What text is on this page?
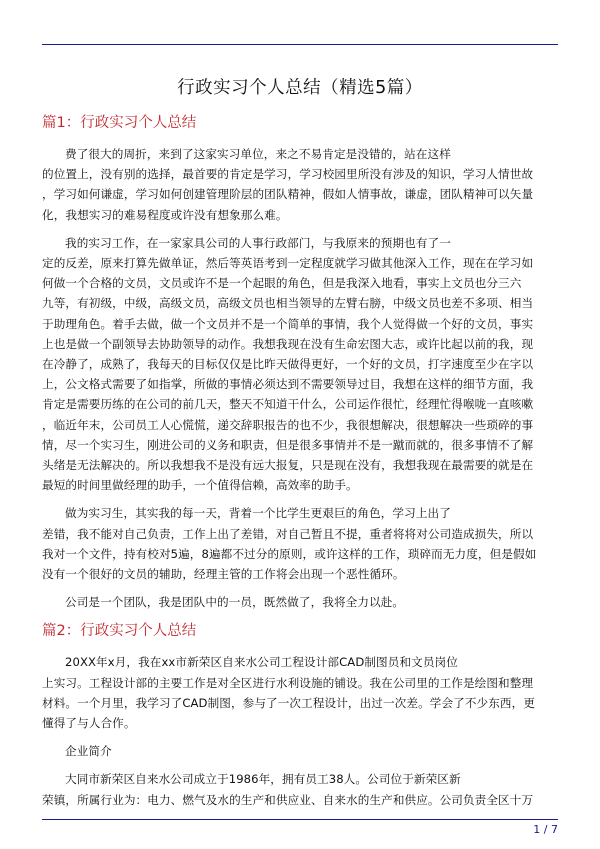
行政实习个人总结（精选5篇）
篇1：行政实习个人总结
费了很大的周折，来到了这家实习单位，来之不易肯定是没错的，站在这样
的位置上，没有别的选择，最首要的肯定是学习，学习校园里所没有涉及的知识，学习人情世故
，学习如何谦虚，学习如何创建管理阶层的团队精神，假如人情事故，谦虚，团队精神可以矢量
化，我想实习的难易程度或许没有想象那么难。
我的实习工作，在一家家具公司的人事行政部门，与我原来的预期也有了一
定的反差，原来打算先做单证，然后等英语考到一定程度就学习做其他深入工作，现在在学习如
何做一个合格的文员，文员或许不是一个起眼的角色，但是我深入地看，事实上文员也分三六
九等，有初级，中级，高级文员，高级文员也相当领导的左臂右膀，中级文员也差不多项、相当
于助理角色。着手去做，做一个文员并不是一个简单的事情，我个人觉得做一个好的文员，事实
上也是做一个副领导去协助领导的动作。我想我现在没有生命宏图大志，或许比起以前的我，现
在冷静了，成熟了，我每天的目标仅仅是比昨天做得更好，一个好的文员，打字速度至少在字以
上，公文格式需要了如指掌，所做的事情必须达到不需要领导过目，我想在这样的细节方面，我
肯定是需要历练的在公司的前几天，整天不知道干什么，公司运作很忙，经理忙得喉咙一直咳嗽
，临近年末，公司员工人心慌慌，递交辞职报告的也不少，我很想解决，很想解决一些琐碎的事
情，尽一个实习生，刚进公司的义务和职责，但是很多事情并不是一蹴而就的，很多事情不了解
头绪是无法解决的。所以我想我不是没有远大报复，只是现在没有，我想我现在最需要的就是在
最短的时间里做经理的助手，一个值得信赖，高效率的助手。
做为实习生，其实我的每一天，背着一个比学生更艰巨的角色，学习上出了
差错，我不能对自己负责，工作上出了差错，对自己暂且不提，重者将将对公司造成损失，所以
我对一个文件，持有校对5遍，8遍都不过分的原则，或许这样的工作，琐碎而无力度，但是假如
没有一个很好的文员的辅助，经理主管的工作将会出现一个恶性循环。
公司是一个团队，我是团队中的一员，既然做了，我将全力以赴。
篇2：行政实习个人总结
20XX年x月，我在xx市新荣区自来水公司工程设计部CAD制图员和文员岗位
上实习。工程设计部的主要工作是对全区进行水利设施的铺设。我在公司里的工作是绘图和整理
材料。一个月里，我学习了CAD制图，参与了一次工程设计，出过一次差。学会了不少东西，更
懂得了与人合作。
企业简介
大同市新荣区自来水公司成立于1986年，拥有员工38人。公司位于新荣区新
荣镇，所属行业为：电力、燃气及水的生产和供应业、自来水的生产和供应。公司负责全区十万
1 / 7
